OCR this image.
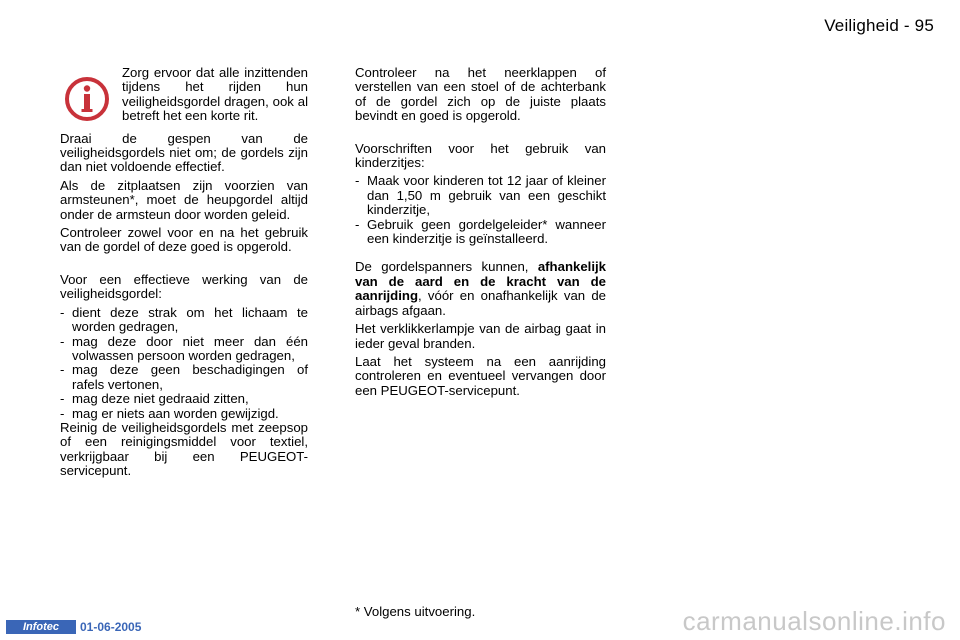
Veiligheid - 95
Zorg ervoor dat alle inzittenden tijdens het rijden hun veiligheidsgordel dragen, ook al betreft het een korte rit.

Draai de gespen van de veiligheidsgordels niet om; de gordels zijn dan niet voldoende effectief.

Als de zitplaatsen zijn voorzien van armsteunen*, moet de heupgordel altijd onder de armsteun door worden geleid.

Controleer zowel voor en na het gebruik van de gordel of deze goed is opgerold.

Voor een effectieve werking van de veiligheidsgordel:

- dient deze strak om het lichaam te worden gedragen,
- mag deze door niet meer dan één volwassen persoon worden gedragen,
- mag deze geen beschadigingen of rafels vertonen,
- mag deze niet gedraaid zitten,
- mag er niets aan worden gewijzigd.

Reinig de veiligheidsgordels met zeepsop of een reinigingsmiddel voor textiel, verkrijgbaar bij een PEUGEOT-servicepunt.

Controleer na het neerklappen of verstellen van een stoel of de achterbank of de gordel zich op de juiste plaats bevindt en goed is opgerold.

Voorschriften voor het gebruik van kinderzitjes:

- Maak voor kinderen tot 12 jaar of kleiner dan 1,50 m gebruik van een geschikt kinderzitje,
- Gebruik geen gordelgeleider* wanneer een kinderzitje is geïnstalleerd.

De gordelspanners kunnen, afhankelijk van de aard en de kracht van de aanrijding, vóór en onafhankelijk van de airbags afgaan.

Het verklikkerlampje van de airbag gaat in ieder geval branden.

Laat het systeem na een aanrijding controleren en eventueel vervangen door een PEUGEOT-servicepunt.

* Volgens uitvoering.
Infotec	01-06-2005	carmanualsonline.info
